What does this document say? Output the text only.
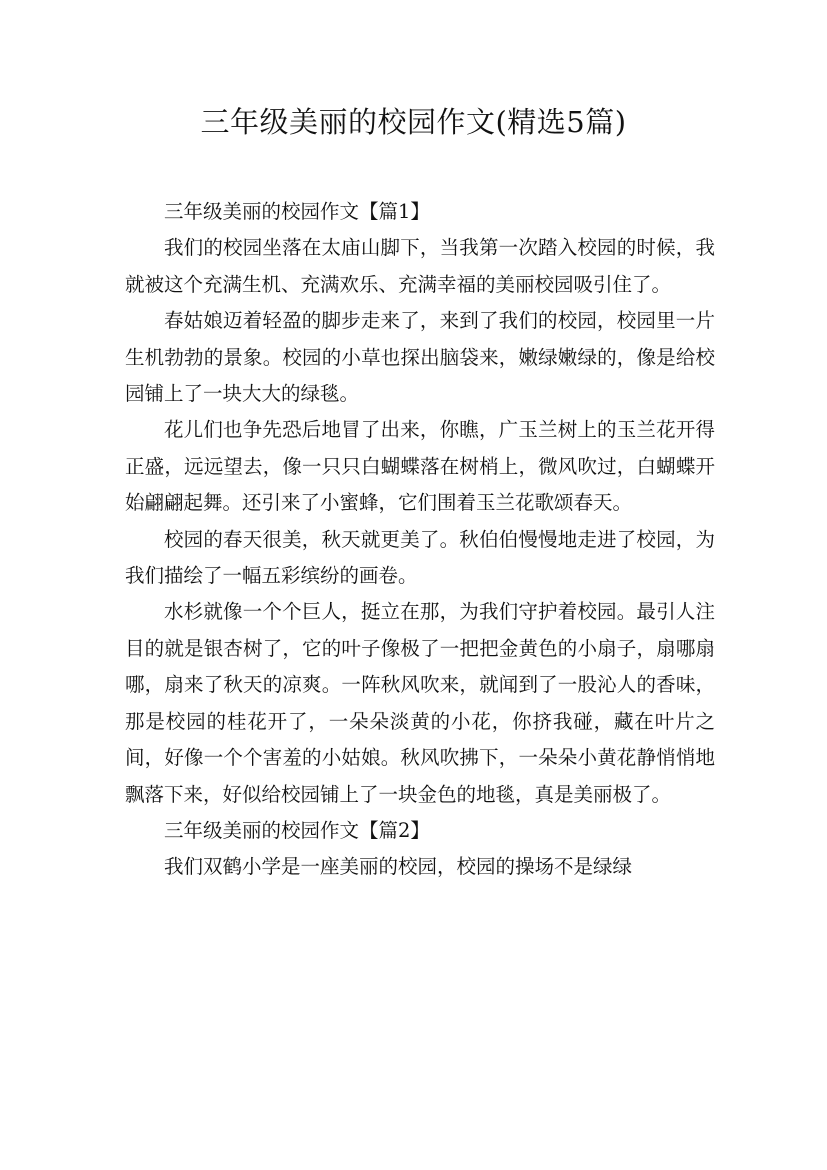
三年级美丽的校园作文(精选5篇)

三年级美丽的校园作文【篇1】

我们的校园坐落在太庙山脚下，当我第一次踏入校园的时候，我就被这个充满生机、充满欢乐、充满幸福的美丽校园吸引住了。

春姑娘迈着轻盈的脚步走来了，来到了我们的校园，校园里一片生机勃勃的景象。校园的小草也探出脑袋来，嫩绿嫩绿的，像是给校园铺上了一块大大的绿毯。

花儿们也争先恐后地冒了出来，你瞧，广玉兰树上的玉兰花开得正盛，远远望去，像一只只白蝴蝶落在树梢上，微风吹过，白蝴蝶开始翩翩起舞。还引来了小蜜蜂，它们围着玉兰花歌颂春天。

校园的春天很美，秋天就更美了。秋伯伯慢慢地走进了校园，为我们描绘了一幅五彩缤纷的画卷。

水杉就像一个个巨人，挺立在那，为我们守护着校园。最引人注目的就是银杏树了，它的叶子像极了一把把金黄色的小扇子，扇哪扇哪，扇来了秋天的凉爽。一阵秋风吹来，就闻到了一股沁人的香味，那是校园的桂花开了，一朵朵淡黄的小花，你挤我碰，藏在叶片之间，好像一个个害羞的小姑娘。秋风吹拂下，一朵朵小黄花静悄悄地飘落下来，好似给校园铺上了一块金色的地毯，真是美丽极了。

三年级美丽的校园作文【篇2】

我们双鹤小学是一座美丽的校园，校园的操场不是绿绿
